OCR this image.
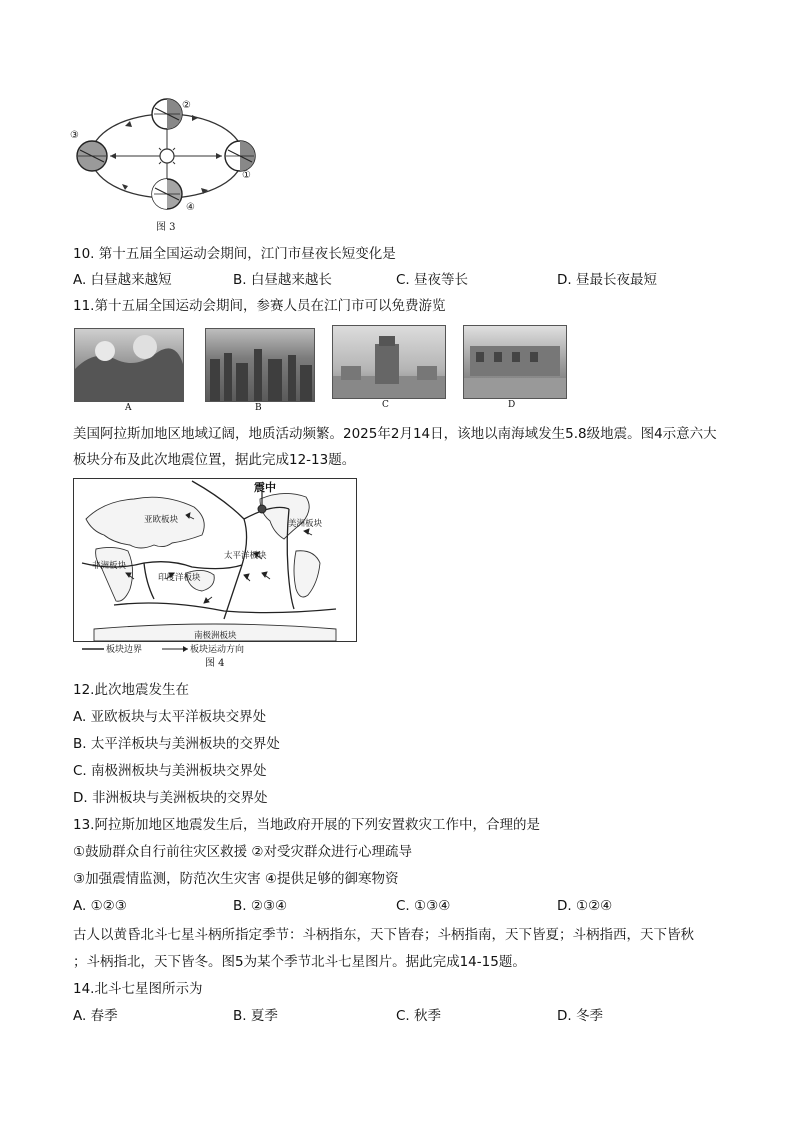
②
③
①
④
图 3
10. 第十五届全国运动会期间，江门市昼夜长短变化是
A. 白昼越来越短	B. 白昼越来越长	C. 昼夜等长	D. 昼最长夜最短
11.第十五届全国运动会期间，参赛人员在江门市可以免费游览
A	B	C	D
美国阿拉斯加地区地域辽阔，地质活动频繁。2025年2月14日，该地以南海域发生5.8级地震。图4示意六大
板块分布及此次地震位置，据此完成12-13题。
震中
亚欧板块	美洲板块
太平洋板块
非洲板块
印度洋板块
南极洲板块
板块边界	板块运动方向
图 4
12.此次地震发生在
A. 亚欧板块与太平洋板块交界处
B. 太平洋板块与美洲板块的交界处
C. 南极洲板块与美洲板块交界处
D. 非洲板块与美洲板块的交界处
13.阿拉斯加地区地震发生后，当地政府开展的下列安置救灾工作中，合理的是
①鼓励群众自行前往灾区救援 ②对受灾群众进行心理疏导
③加强震情监测，防范次生灾害 ④提供足够的御寒物资
A. ①②③	B. ②③④	C. ①③④	D. ①②④
古人以黄昏北斗七星斗柄所指定季节：斗柄指东，天下皆春；斗柄指南，天下皆夏；斗柄指西，天下皆秋
；斗柄指北，天下皆冬。图5为某个季节北斗七星图片。据此完成14-15题。
14.北斗七星图所示为
A. 春季	B. 夏季	C. 秋季	D. 冬季
